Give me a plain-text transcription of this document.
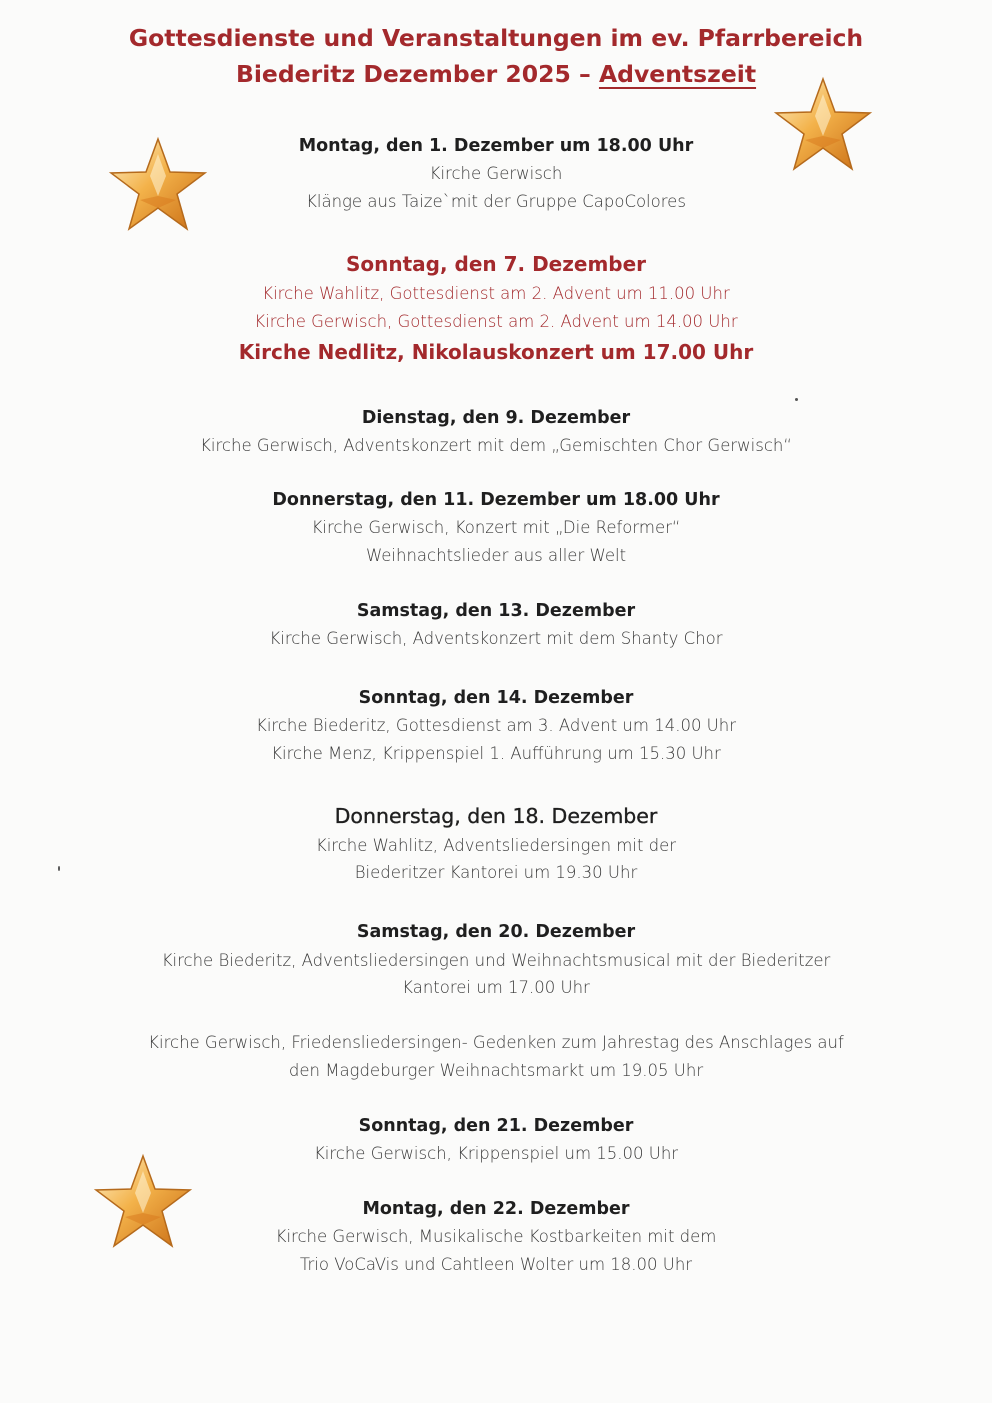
Gottesdienste und Veranstaltungen im ev. Pfarrbereich
Biederitz Dezember 2025 – Adventszeit
Montag, den 1. Dezember um 18.00 Uhr
Kirche Gerwisch
Klänge aus Taize`mit der Gruppe CapoColores
Sonntag, den 7. Dezember
Kirche Wahlitz, Gottesdienst am 2. Advent um 11.00 Uhr
Kirche Gerwisch, Gottesdienst am 2. Advent um 14.00 Uhr
Kirche Nedlitz, Nikolauskonzert um 17.00 Uhr
Dienstag, den 9. Dezember
Kirche Gerwisch, Adventskonzert mit dem „Gemischten Chor Gerwisch“
Donnerstag, den 11. Dezember um 18.00 Uhr
Kirche Gerwisch, Konzert mit „Die Reformer“
Weihnachtslieder aus aller Welt
Samstag, den 13. Dezember
Kirche Gerwisch, Adventskonzert mit dem Shanty Chor
Sonntag, den 14. Dezember
Kirche Biederitz, Gottesdienst am 3. Advent um 14.00 Uhr
Kirche Menz, Krippenspiel 1. Aufführung um 15.30 Uhr
Donnerstag, den 18. Dezember
Kirche Wahlitz, Adventsliedersingen mit der
Biederitzer Kantorei um 19.30 Uhr
Samstag, den 20. Dezember
Kirche Biederitz, Adventsliedersingen und Weihnachtsmusical mit der Biederitzer
Kantorei um 17.00 Uhr
Kirche Gerwisch, Friedensliedersingen- Gedenken zum Jahrestag des Anschlages auf
den Magdeburger Weihnachtsmarkt um 19.05 Uhr
Sonntag, den 21. Dezember
Kirche Gerwisch, Krippenspiel um 15.00 Uhr
Montag, den 22. Dezember
Kirche Gerwisch, Musikalische Kostbarkeiten mit dem
Trio VoCaVis und Cahtleen Wolter um 18.00 Uhr
